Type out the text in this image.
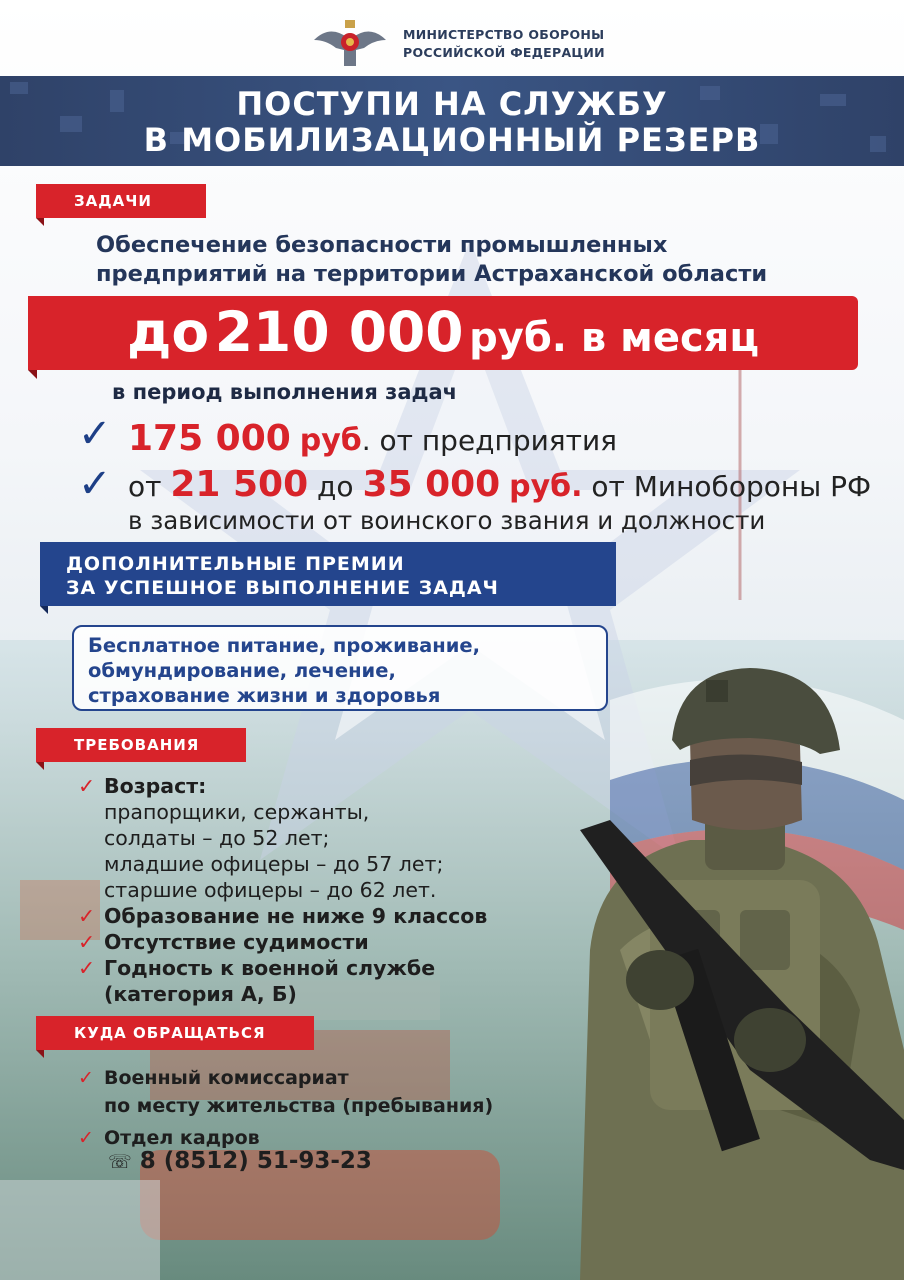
МИНИСТЕРСТВО ОБОРОНЫ
РОССИЙСКОЙ ФЕДЕРАЦИИ
ПОСТУПИ НА СЛУЖБУ
В МОБИЛИЗАЦИОННЫЙ РЕЗЕРВ
ЗАДАЧИ
Обеспечение безопасности промышленных
предприятий на территории Астраханской области
до 210 000 руб. в месяц
в период выполнения задач
✓ 175 000 руб. от предприятия
✓ от 21 500 до 35 000 руб. от Минобороны РФ
в зависимости от воинского звания и должности
ДОПОЛНИТЕЛЬНЫЕ ПРЕМИИ
ЗА УСПЕШНОЕ ВЫПОЛНЕНИЕ ЗАДАЧ
Бесплатное питание, проживание,
обмундирование, лечение,
страхование жизни и здоровья
ТРЕБОВАНИЯ
✓ Возраст:
прапорщики, сержанты,
солдаты – до 52 лет;
младшие офицеры – до 57 лет;
старшие офицеры – до 62 лет.
✓ Образование не ниже 9 классов
✓ Отсутствие судимости
✓ Годность к военной службе
(категория А, Б)
КУДА ОБРАЩАТЬСЯ
✓ Военный комиссариат
по месту жительства (пребывания)
✓ Отдел кадров
☏ 8 (8512) 51-93-23
